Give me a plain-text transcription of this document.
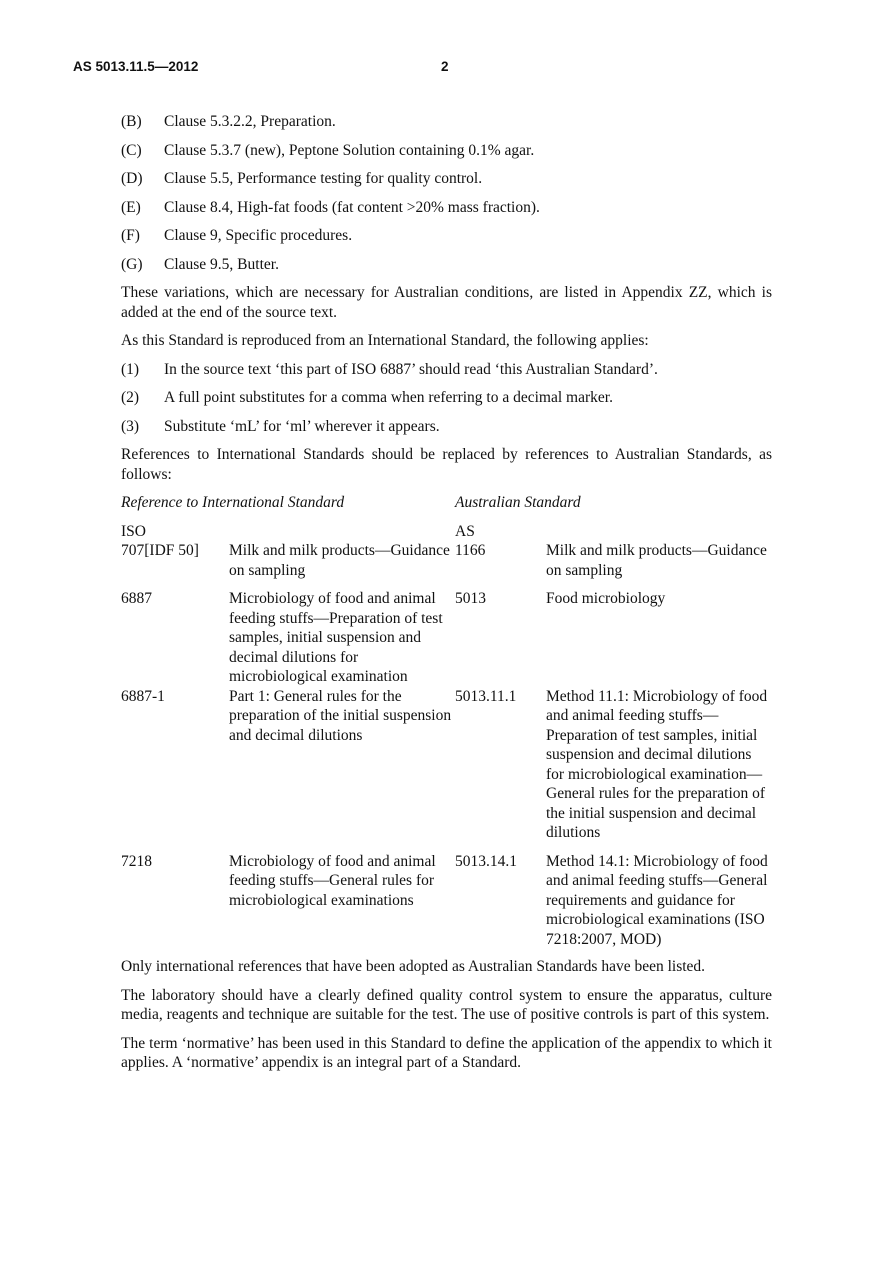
AS 5013.11.5—2012	2
(B)	Clause 5.3.2.2, Preparation.
(C)	Clause 5.3.7 (new), Peptone Solution containing 0.1% agar.
(D)	Clause 5.5, Performance testing for quality control.
(E)	Clause 8.4, High-fat foods (fat content >20% mass fraction).
(F)	Clause 9, Specific procedures.
(G)	Clause 9.5, Butter.

These variations, which are necessary for Australian conditions, are listed in Appendix ZZ, which is added at the end of the source text.

As this Standard is reproduced from an International Standard, the following applies:

(1)	In the source text ‘this part of ISO 6887’ should read ‘this Australian Standard’.
(2)	A full point substitutes for a comma when referring to a decimal marker.
(3)	Substitute ‘mL’ for ‘ml’ wherever it appears.

References to International Standards should be replaced by references to Australian Standards, as follows:

Reference to International Standard	Australian Standard
ISO		AS	
707[IDF 50]	Milk and milk products—Guidance on sampling	1166	Milk and milk products—Guidance on sampling
6887	Microbiology of food and animal feeding stuffs—Preparation of test samples, initial suspension and decimal dilutions for microbiological examination	5013	Food microbiology
6887-1	Part 1: General rules for the preparation of the initial suspension and decimal dilutions	5013.11.1	Method 11.1: Microbiology of food and animal feeding stuffs—Preparation of test samples, initial suspension and decimal dilutions for microbiological examination—General rules for the preparation of the initial suspension and decimal dilutions
7218	Microbiology of food and animal feeding stuffs—General rules for microbiological examinations	5013.14.1	Method 14.1: Microbiology of food and animal feeding stuffs—General requirements and guidance for microbiological examinations (ISO 7218:2007, MOD)

Only international references that have been adopted as Australian Standards have been listed.

The laboratory should have a clearly defined quality control system to ensure the apparatus, culture media, reagents and technique are suitable for the test. The use of positive controls is part of this system.

The term ‘normative’ has been used in this Standard to define the application of the appendix to which it applies. A ‘normative’ appendix is an integral part of a Standard.
